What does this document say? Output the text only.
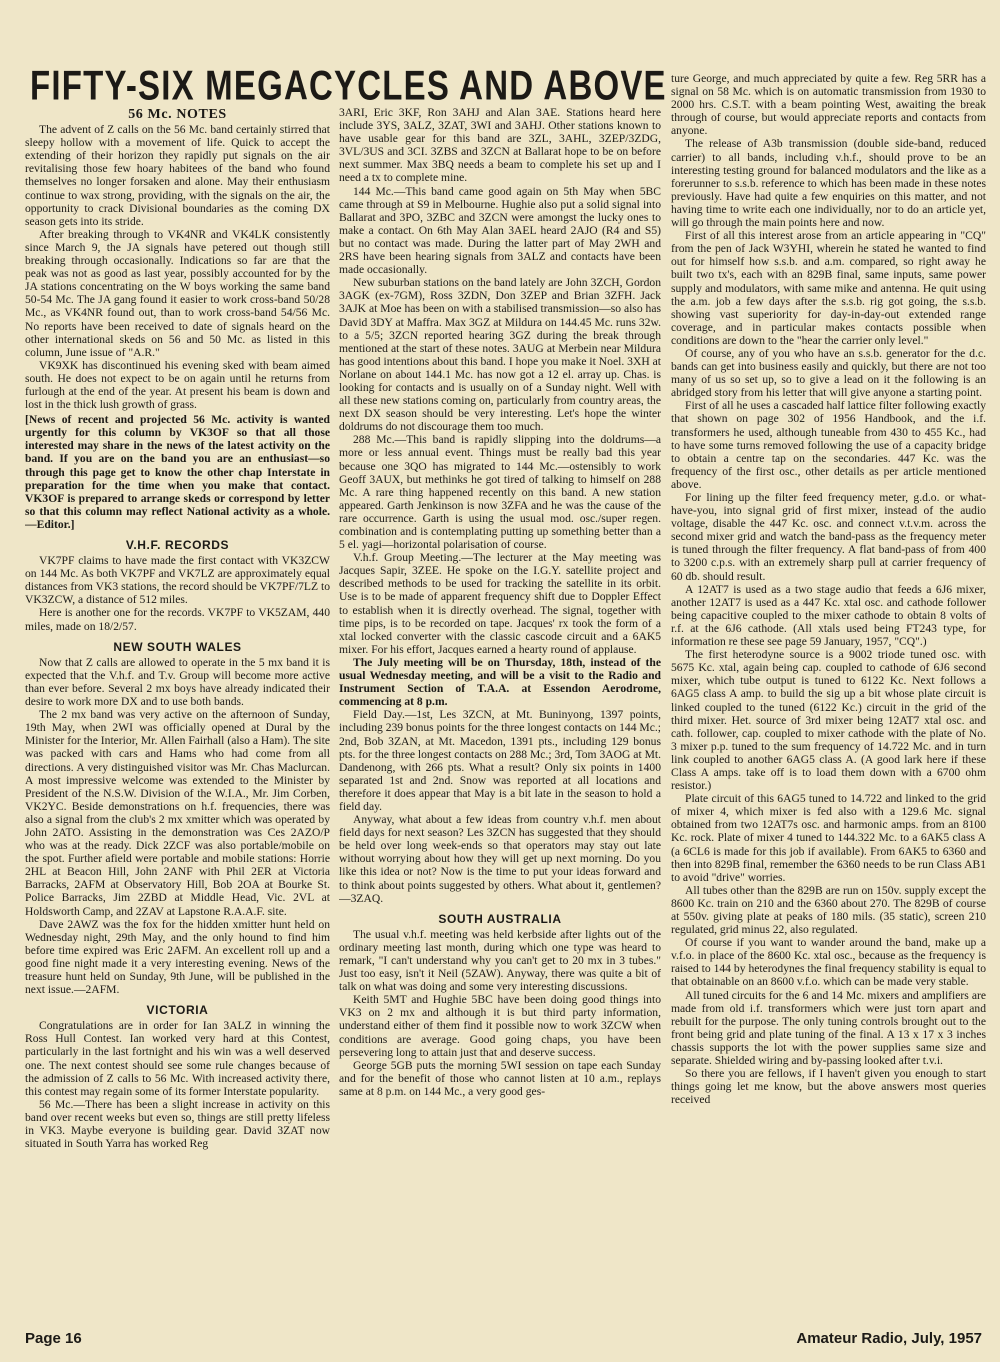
FIFTY-SIX MEGACYCLES AND ABOVE
56 Mc. NOTES

The advent of Z calls on the 56 Mc. band certainly stirred that sleepy hollow with a movement of life. Quick to accept the extending of their horizon they rapidly put signals on the air revitalising those few hoary habitees of the band who found themselves no longer forsaken and alone. May their enthusiasm continue to wax strong, providing, with the signals on the air, the opportunity to crack Divisional boundaries as the coming DX season gets into its stride.

After breaking through to VK4NR and VK4LK consistently since March 9, the JA signals have petered out though still breaking through occasionally. Indications so far are that the peak was not as good as last year, possibly accounted for by the JA stations concentrating on the W boys working the same band 50-54 Mc. The JA gang found it easier to work cross-band 50/28 Mc., as VK4NR found out, than to work cross-band 54/56 Mc. No reports have been received to date of signals heard on the other international skeds on 56 and 50 Mc. as listed in this column, June issue of "A.R."

VK9XK has discontinued his evening sked with beam aimed south. He does not expect to be on again until he returns from furlough at the end of the year. At present his beam is down and lost in the thick lush growth of grass.

[News of recent and projected 56 Mc. activity is wanted urgently for this column by VK3OF so that all those interested may share in the news of the latest activity on the band. If you are on the band you are an enthusiast—so through this page get to know the other chap Interstate in preparation for the time when you make that contact. VK3OF is prepared to arrange skeds or correspond by letter so that this column may reflect National activity as a whole.—Editor.]

V.H.F. RECORDS

VK7PF claims to have made the first contact with VK3ZCW on 144 Mc. As both VK7PF and VK7LZ are approximately equal distances from VK3 stations, the record should be VK7PF/7LZ to VK3ZCW, a distance of 512 miles.

Here is another one for the records. VK7PF to VK5ZAM, 440 miles, made on 18/2/57.

NEW SOUTH WALES

Now that Z calls are allowed to operate in the 5 mx band it is expected that the V.h.f. and T.v. Group will become more active than ever before. Several 2 mx boys have already indicated their desire to work more DX and to use both bands.

The 2 mx band was very active on the afternoon of Sunday, 19th May, when 2WI was officially opened at Dural by the Minister for the Interior, Mr. Allen Fairhall (also a Ham). The site was packed with cars and Hams who had come from all directions. A very distinguished visitor was Mr. Chas Maclurcan. A most impressive welcome was extended to the Minister by President of the N.S.W. Division of the W.I.A., Mr. Jim Corben, VK2YC. Beside demonstrations on h.f. frequencies, there was also a signal from the club's 2 mx xmitter which was operated by John 2ATO. Assisting in the demonstration was Ces 2AZO/P who was at the ready. Dick 2ZCF was also portable/mobile on the spot. Further afield were portable and mobile stations: Horrie 2HL at Beacon Hill, John 2ANF with Phil 2ER at Victoria Barracks, 2AFM at Observatory Hill, Bob 2OA at Bourke St. Police Barracks, Jim 2ZBD at Middle Head, Vic. 2VL at Holdsworth Camp, and 2ZAV at Lapstone R.A.A.F. site.

Dave 2AWZ was the fox for the hidden xmitter hunt held on Wednesday night, 29th May, and the only hound to find him before time expired was Eric 2AFM. An excellent roll up and a good fine night made it a very interesting evening. News of the treasure hunt held on Sunday, 9th June, will be published in the next issue.—2AFM.

VICTORIA

Congratulations are in order for Ian 3ALZ in winning the Ross Hull Contest. Ian worked very hard at this Contest, particularly in the last fortnight and his win was a well deserved one. The next contest should see some rule changes because of the admission of Z calls to 56 Mc. With increased activity there, this contest may regain some of its former Interstate popularity.

56 Mc.—There has been a slight increase in activity on this band over recent weeks but even so, things are still pretty lifeless in VK3. Maybe everyone is building gear. David 3ZAT now situated in South Yarra has worked Reg

3ARI, Eric 3KF, Ron 3AHJ and Alan 3AE. Stations heard here include 3YS, 3ALZ, 3ZAT, 3WI and 3AHJ. Other stations known to have usable gear for this band are 3ZL, 3AHL, 3ZEP/3ZDG, 3VL/3US and 3CI. 3ZBS and 3ZCN at Ballarat hope to be on before next summer. Max 3BQ needs a beam to complete his set up and I need a tx to complete mine.

144 Mc.—This band came good again on 5th May when 5BC came through at S9 in Melbourne. Hughie also put a solid signal into Ballarat and 3PO, 3ZBC and 3ZCN were amongst the lucky ones to make a contact. On 6th May Alan 3AEL heard 2AJO (R4 and S5) but no contact was made. During the latter part of May 2WH and 2RS have been hearing signals from 3ALZ and contacts have been made occasionally.

New suburban stations on the band lately are John 3ZCH, Gordon 3AGK (ex-7GM), Ross 3ZDN, Don 3ZEP and Brian 3ZFH. Jack 3AJK at Moe has been on with a stabilised transmission—so also has David 3DY at Maffra. Max 3GZ at Mildura on 144.45 Mc. runs 32w. to a 5/5; 3ZCN reported hearing 3GZ during the break through mentioned at the start of these notes. 3AUG at Merbein near Mildura has good intentions about this band. I hope you make it Noel. 3XH at Norlane on about 144.1 Mc. has now got a 12 el. array up. Chas. is looking for contacts and is usually on of a Sunday night. Well with all these new stations coming on, particularly from country areas, the next DX season should be very interesting. Let's hope the winter doldrums do not discourage them too much.

288 Mc.—This band is rapidly slipping into the doldrums—a more or less annual event. Things must be really bad this year because one 3QO has migrated to 144 Mc.—ostensibly to work Geoff 3AUX, but methinks he got tired of talking to himself on 288 Mc. A rare thing happened recently on this band. A new station appeared. Garth Jenkinson is now 3ZFA and he was the cause of the rare occurrence. Garth is using the usual mod. osc./super regen. combination and is contemplating putting up something better than a 5 el. yagi—horizontal polarisation of course.

V.h.f. Group Meeting.—The lecturer at the May meeting was Jacques Sapir, 3ZEE. He spoke on the I.G.Y. satellite project and described methods to be used for tracking the satellite in its orbit. Use is to be made of apparent frequency shift due to Doppler Effect to establish when it is directly overhead. The signal, together with time pips, is to be recorded on tape. Jacques' rx took the form of a xtal locked converter with the classic cascode circuit and a 6AK5 mixer. For his effort, Jacques earned a hearty round of applause.

The July meeting will be on Thursday, 18th, instead of the usual Wednesday meeting, and will be a visit to the Radio and Instrument Section of T.A.A. at Essendon Aerodrome, commencing at 8 p.m.

Field Day.—1st, Les 3ZCN, at Mt. Buninyong, 1397 points, including 239 bonus points for the three longest contacts on 144 Mc.; 2nd, Bob 3ZAN, at Mt. Macedon, 1391 pts., including 129 bonus pts. for the three longest contacts on 288 Mc.; 3rd, Tom 3AOG at Mt. Dandenong, with 266 pts. What a result? Only six points in 1400 separated 1st and 2nd. Snow was reported at all locations and therefore it does appear that May is a bit late in the season to hold a field day.

Anyway, what about a few ideas from country v.h.f. men about field days for next season? Les 3ZCN has suggested that they should be held over long week-ends so that operators may stay out late without worrying about how they will get up next morning. Do you like this idea or not? Now is the time to put your ideas forward and to think about points suggested by others. What about it, gentlemen?—3ZAQ.

SOUTH AUSTRALIA

The usual v.h.f. meeting was held kerbside after lights out of the ordinary meeting last month, during which one type was heard to remark, "I can't understand why you can't get to 20 mx in 3 tubes." Just too easy, isn't it Neil (5ZAW). Anyway, there was quite a bit of talk on what was doing and some very interesting discussions.

Keith 5MT and Hughie 5BC have been doing good things into VK3 on 2 mx and although it is but third party information, understand either of them find it possible now to work 3ZCW when conditions are average. Good going chaps, you have been persevering long to attain just that and deserve success.

George 5GB puts the morning 5WI session on tape each Sunday and for the benefit of those who cannot listen at 10 a.m., replays same at 8 p.m. on 144 Mc., a very good ges-

ture George, and much appreciated by quite a few. Reg 5RR has a signal on 58 Mc. which is on automatic transmission from 1930 to 2000 hrs. C.S.T. with a beam pointing West, awaiting the break through of course, but would appreciate reports and contacts from anyone.

The release of A3b transmission (double side-band, reduced carrier) to all bands, including v.h.f., should prove to be an interesting testing ground for balanced modulators and the like as a forerunner to s.s.b. reference to which has been made in these notes previously. Have had quite a few enquiries on this matter, and not having time to write each one individually, nor to do an article yet, will go through the main points here and now.

First of all this interest arose from an article appearing in "CQ" from the pen of Jack W3YHI, wherein he stated he wanted to find out for himself how s.s.b. and a.m. compared, so right away he built two tx's, each with an 829B final, same inputs, same power supply and modulators, with same mike and antenna. He quit using the a.m. job a few days after the s.s.b. rig got going, the s.s.b. showing vast superiority for day-in-day-out extended range coverage, and in particular makes contacts possible when conditions are down to the "hear the carrier only level."

Of course, any of you who have an s.s.b. generator for the d.c. bands can get into business easily and quickly, but there are not too many of us so set up, so to give a lead on it the following is an abridged story from his letter that will give anyone a starting point.

First of all he uses a cascaded half lattice filter following exactly that shown on page 302 of 1956 Handbook, and the i.f. transformers he used, although tuneable from 430 to 455 Kc., had to have some turns removed following the use of a capacity bridge to obtain a centre tap on the secondaries. 447 Kc. was the frequency of the first osc., other details as per article mentioned above.

For lining up the filter feed frequency meter, g.d.o. or what-have-you, into signal grid of first mixer, instead of the audio voltage, disable the 447 Kc. osc. and connect v.t.v.m. across the second mixer grid and watch the band-pass as the frequency meter is tuned through the filter frequency. A flat band-pass of from 400 to 3200 c.p.s. with an extremely sharp pull at carrier frequency of 60 db. should result.

A 12AT7 is used as a two stage audio that feeds a 6J6 mixer, another 12AT7 is used as a 447 Kc. xtal osc. and cathode follower being capacitive coupled to the mixer cathode to obtain 8 volts of r.f. at the 6J6 cathode. (All xtals used being FT243 type, for information re these see page 59 January, 1957, "CQ".)

The first heterodyne source is a 9002 triode tuned osc. with 5675 Kc. xtal, again being cap. coupled to cathode of 6J6 second mixer, which tube output is tuned to 6122 Kc. Next follows a 6AG5 class A amp. to build the sig up a bit whose plate circuit is linked coupled to the tuned (6122 Kc.) circuit in the grid of the third mixer. Het. source of 3rd mixer being 12AT7 xtal osc. and cath. follower, cap. coupled to mixer cathode with the plate of No. 3 mixer p.p. tuned to the sum frequency of 14.722 Mc. and in turn link coupled to another 6AG5 class A. (A good lark here if these Class A amps. take off is to load them down with a 6700 ohm resistor.)

Plate circuit of this 6AG5 tuned to 14.722 and linked to the grid of mixer 4, which mixer is fed also with a 129.6 Mc. signal obtained from two 12AT7s osc. and harmonic amps. from an 8100 Kc. rock. Plate of mixer 4 tuned to 144.322 Mc. to a 6AK5 class A (a 6CL6 is made for this job if available). From 6AK5 to 6360 and then into 829B final, remember the 6360 needs to be run Class AB1 to avoid "drive" worries.

All tubes other than the 829B are run on 150v. supply except the 8600 Kc. train on 210 and the 6360 about 270. The 829B of course at 550v. giving plate at peaks of 180 mils. (35 static), screen 210 regulated, grid minus 22, also regulated.

Of course if you want to wander around the band, make up a v.f.o. in place of the 8600 Kc. xtal osc., because as the frequency is raised to 144 by heterodynes the final frequency stability is equal to that obtainable on an 8600 v.f.o. which can be made very stable.

All tuned circuits for the 6 and 14 Mc. mixers and amplifiers are made from old i.f. transformers which were just torn apart and rebuilt for the purpose. The only tuning controls brought out to the front being grid and plate tuning of the final. A 13 x 17 x 3 inches chassis supports the lot with the power supplies same size and separate. Shielded wiring and by-passing looked after t.v.i.

So there you are fellows, if I haven't given you enough to start things going let me know, but the above answers most queries received

Page 16	Amateur Radio, July, 1957
